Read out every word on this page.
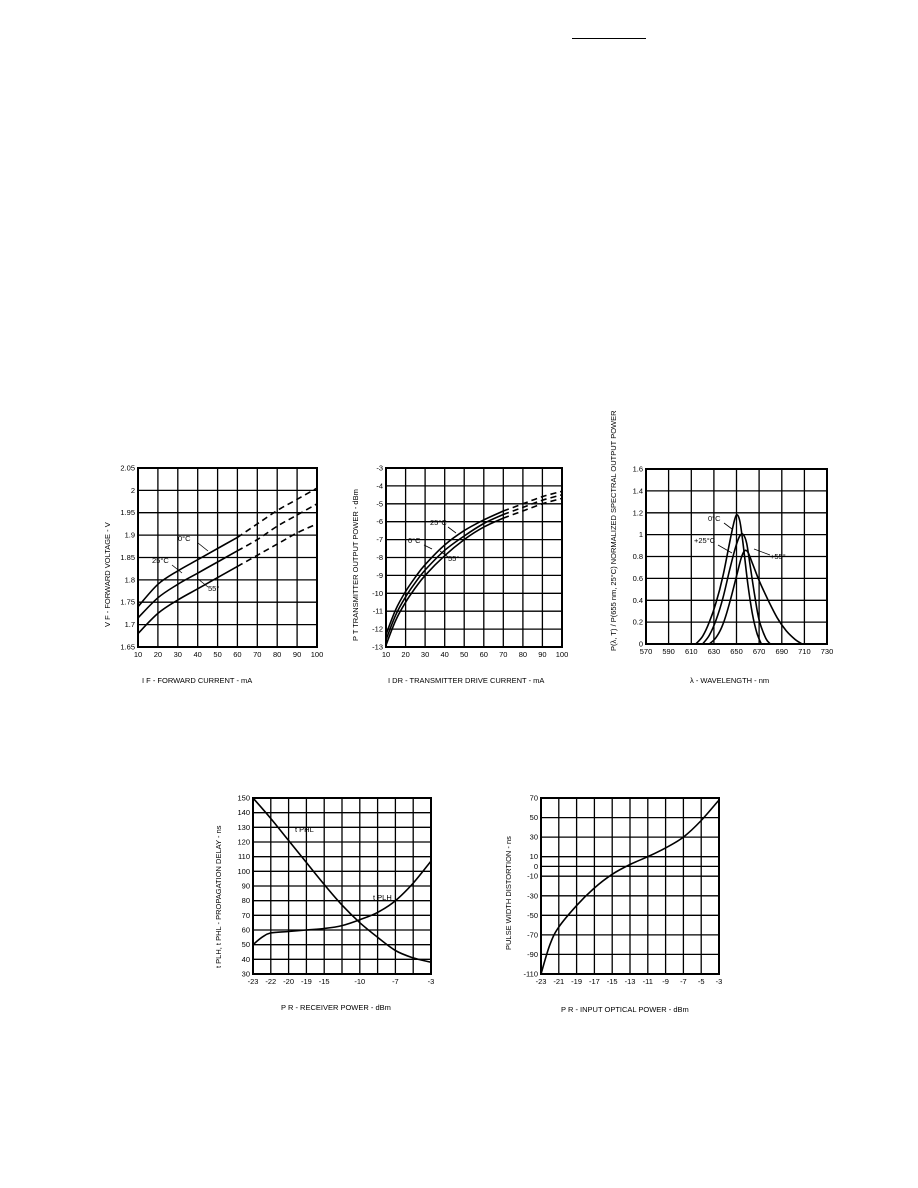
10 20 30 40 50 60 70 80 90 100
1.65
1.7
1.75
1.8
1.85
1.9
1.95
2
2.05
0°C
25°C
55°
V F - FORWARD VOLTAGE - V
I F - FORWARD CURRENT - mA
10 20 30 40 50 60 70 80 90 100
-13
-12
-11
-10
-9
-8
-7
-6
-5
-4
-3
25°C
0°C
55°
P T TRANSMITTER OUTPUT POWER - dBm
I DR - TRANSMITTER DRIVE CURRENT - mA
570 590 610 630 650 670 690 710 730
0
0.2
0.4
0.6
0.8
1
1.2
1.4
1.6
0°C
+25°C
+55°
P(λ, T) / P(655 nm, 25°C) NORMALIZED SPECTRAL OUTPUT POWER
λ - WAVELENGTH - nm
-23 -22 -20 -19 -15	-10	-7	-3
30
40
50
60
70
80
90
100
110
120
130
140
150
t PHL
t PLH
t PLH, t PHL - PROPAGATION DELAY - ns
P R - RECEIVER POWER - dBm
-23 -21 -19 -17 -15 -13 -11 -9 -7 -5 -3
-110
-90
-70
-50
-30
-10
0
10
30
50
70
PULSE WIDTH DISTORTION - ns
P R - INPUT OPTICAL POWER - dBm
